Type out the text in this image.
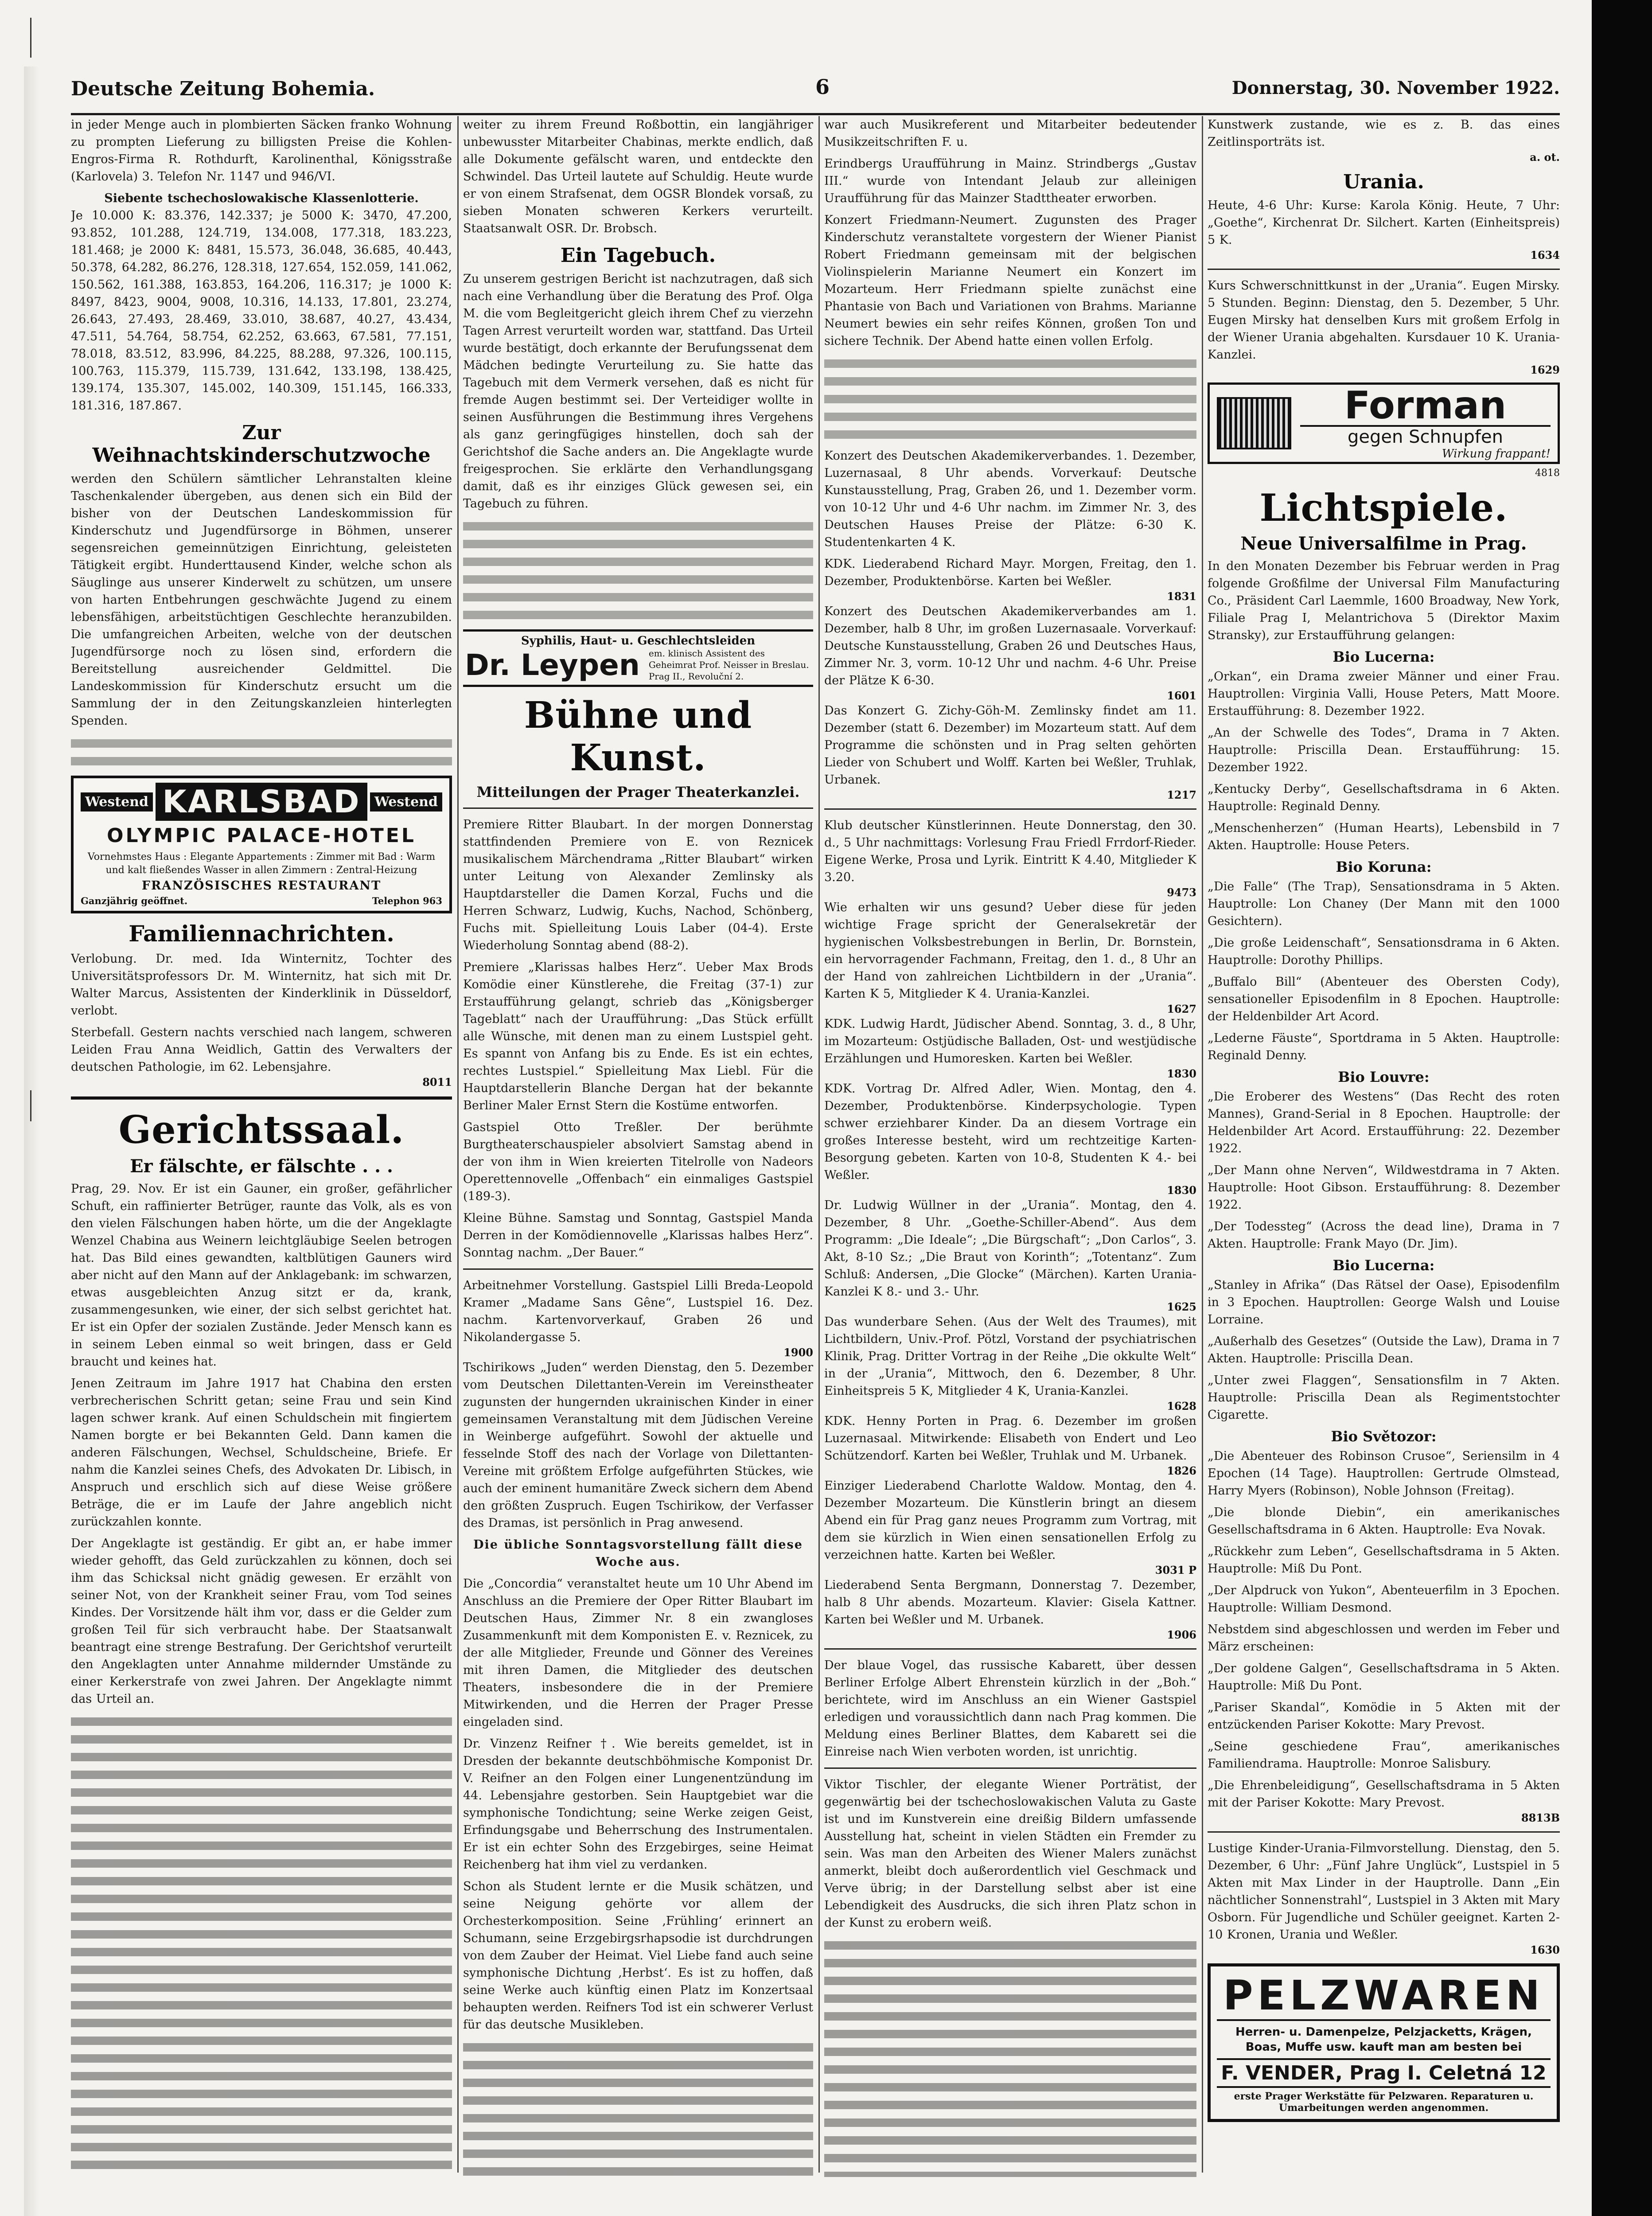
Deutsche Zeitung Bohemia.	6	Donnerstag, 30. November 1922.

in jeder Menge auch in plombierten Säcken franko Wohnung zu prompten Lieferung zu billigsten Preise die Kohlen-Engros-Firma R. Rothdurft, Karolinenthal, Königsstraße (Karlovela) 3. Telefon Nr. 1147 und 946/VI.

Siebente tschechoslowakische Klassenlotterie.

Je 10.000 K: 83.376, 142.337; je 5000 K: 3470, 47.200, 93.852, 101.288, 124.719, 134.008, 177.318, 183.223, 181.468; je 2000 K: 8481, 15.573, 36.048, 36.685, 40.443, 50.378, 64.282, 86.276, 128.318, 127.654, 152.059, 141.062, 150.562, 161.388, 163.853, 164.206, 116.317; je 1000 K: 8497, 8423, 9004, 9008, 10.316, 14.133, 17.801, 23.274, 26.643, 27.493, 28.469, 33.010, 38.687, 40.27, 43.434, 47.511, 54.764, 58.754, 62.252, 63.663, 67.581, 77.151, 78.018, 83.512, 83.996, 84.225, 88.288, 97.326, 100.115, 100.763, 115.379, 115.739, 131.642, 133.198, 138.425, 139.174, 135.307, 145.002, 140.309, 151.145, 166.333, 181.316, 187.867.

Zur Weihnachtskinderschutzwoche

werden den Schülern sämtlicher Lehranstalten kleine Taschenkalender übergeben, aus denen sich ein Bild der bisher von der Deutschen Landeskommission für Kinderschutz und Jugendfürsorge in Böhmen, unserer segensreichen gemeinnützigen Einrichtung, geleisteten Tätigkeit ergibt. Hunderttausend Kinder, welche schon als Säuglinge aus unserer Kinderwelt zu schützen, um unsere von harten Entbehrungen geschwächte Jugend zu einem lebensfähigen, arbeitstüchtigen Geschlechte heranzubilden. Die umfangreichen Arbeiten, welche von der deutschen Jugendfürsorge noch zu lösen sind, erfordern die Bereitstellung ausreichender Geldmittel. Die Landeskommission für Kinderschutz ersucht um die Sammlung der in den Zeitungskanzleien hinterlegten Spenden.

Westend KARLSBAD	Westend
OLYMPIC PALACE-HOTEL
Vornehmstes Haus : Elegante Appartements : Zimmer mit Bad : Warm und kalt fließendes Wasser in allen Zimmern : Zentral-Heizung
FRANZÖSISCHES RESTAURANT
Ganzjährig geöffnet.	Telephon 963
Familiennachrichten.

Verlobung. Dr. med. Ida Winternitz, Tochter des Universitätsprofessors Dr. M. Winternitz, hat sich mit Dr. Walter Marcus, Assistenten der Kinderklinik in Düsseldorf, verlobt.

Sterbefall. Gestern nachts verschied nach langem, schweren Leiden Frau Anna Weidlich, Gattin des Verwalters der deutschen Pathologie, im 62. Lebensjahre.

8011
Gerichtssaal.
Er fälschte, er fälschte . . .

Prag, 29. Nov. Er ist ein Gauner, ein großer, gefährlicher Schuft, ein raffinierter Betrüger, raunte das Volk, als es von den vielen Fälschungen haben hörte, um die der Angeklagte Wenzel Chabina aus Weinern leichtgläubige Seelen betrogen hat. Das Bild eines gewandten, kaltblütigen Gauners wird aber nicht auf den Mann auf der Anklagebank: im schwarzen, etwas ausgebleichten Anzug sitzt er da, krank, zusammengesunken, wie einer, der sich selbst gerichtet hat. Er ist ein Opfer der sozialen Zustände. Jeder Mensch kann es in seinem Leben einmal so weit bringen, dass er Geld braucht und keines hat.

Jenen Zeitraum im Jahre 1917 hat Chabina den ersten verbrecherischen Schritt getan; seine Frau und sein Kind lagen schwer krank. Auf einen Schuldschein mit fingiertem Namen borgte er bei Bekannten Geld. Dann kamen die anderen Fälschungen, Wechsel, Schuldscheine, Briefe. Er nahm die Kanzlei seines Chefs, des Advokaten Dr. Libisch, in Anspruch und erschlich sich auf diese Weise größere Beträge, die er im Laufe der Jahre angeblich nicht zurückzahlen konnte.

Der Angeklagte ist geständig. Er gibt an, er habe immer wieder gehofft, das Geld zurückzahlen zu können, doch sei ihm das Schicksal nicht gnädig gewesen. Er erzählt von seiner Not, von der Krankheit seiner Frau, vom Tod seines Kindes. Der Vorsitzende hält ihm vor, dass er die Gelder zum großen Teil für sich verbraucht habe. Der Staatsanwalt beantragt eine strenge Bestrafung. Der Gerichtshof verurteilt den Angeklagten unter Annahme mildernder Umstände zu einer Kerkerstrafe von zwei Jahren. Der Angeklagte nimmt das Urteil an.

weiter zu ihrem Freund Roßbottin, ein langjähriger unbewusster Mitarbeiter Chabinas, merkte endlich, daß alle Dokumente gefälscht waren, und entdeckte den Schwindel. Das Urteil lautete auf Schuldig. Heute wurde er von einem Strafsenat, dem OGSR Blondek vorsaß, zu sieben Monaten schweren Kerkers verurteilt. Staatsanwalt OSR. Dr. Brobsch.

Ein Tagebuch.

Zu unserem gestrigen Bericht ist nachzutragen, daß sich nach eine Verhandlung über die Beratung des Prof. Olga M. die vom Begleitgericht gleich ihrem Chef zu vierzehn Tagen Arrest verurteilt worden war, stattfand. Das Urteil wurde bestätigt, doch erkannte der Berufungssenat dem Mädchen bedingte Verurteilung zu. Sie hatte das Tagebuch mit dem Vermerk versehen, daß es nicht für fremde Augen bestimmt sei. Der Verteidiger wollte in seinen Ausführungen die Bestimmung ihres Vergehens als ganz geringfügiges hinstellen, doch sah der Gerichtshof die Sache anders an. Die Angeklagte wurde freigesprochen. Sie erklärte den Verhandlungsgang damit, daß es ihr einziges Glück gewesen sei, ein Tagebuch zu führen.

Syphilis, Haut- u. Geschlechtsleiden
Dr. Leypen em. klinisch Assistent des Geheimrat Prof. Neisser in Breslau. Prag II., Revoluční 2.
Bühne und Kunst.
Mitteilungen der Prager Theaterkanzlei.

Premiere Ritter Blaubart. In der morgen Donnerstag stattfindenden Premiere von E. von Reznicek musikalischem Märchendrama „Ritter Blaubart“ wirken unter Leitung von Alexander Zemlinsky als Hauptdarsteller die Damen Korzal, Fuchs und die Herren Schwarz, Ludwig, Kuchs, Nachod, Schönberg, Fuchs mit. Spielleitung Louis Laber (04-4). Erste Wiederholung Sonntag abend (88-2).

Premiere „Klarissas halbes Herz“. Ueber Max Brods Komödie einer Künstlerehe, die Freitag (37-1) zur Erstaufführung gelangt, schrieb das „Königsberger Tageblatt“ nach der Uraufführung: „Das Stück erfüllt alle Wünsche, mit denen man zu einem Lustspiel geht. Es spannt von Anfang bis zu Ende. Es ist ein echtes, rechtes Lustspiel.“ Spielleitung Max Liebl. Für die Hauptdarstellerin Blanche Dergan hat der bekannte Berliner Maler Ernst Stern die Kostüme entworfen.

Gastspiel Otto Treßler. Der berühmte Burgtheaterschauspieler absolviert Samstag abend in der von ihm in Wien kreierten Titelrolle von Nadeors Operettennovelle „Offenbach“ ein einmaliges Gastspiel (189-3).

Kleine Bühne. Samstag und Sonntag, Gastspiel Manda Derren in der Komödiennovelle „Klarissas halbes Herz“. Sonntag nachm. „Der Bauer.“

Arbeitnehmer Vorstellung. Gastspiel Lilli Breda-Leopold Kramer „Madame Sans Gêne“, Lustspiel 16. Dez. nachm. Kartenvorverkauf, Graben 26 und Nikolandergasse 5.

1900

Tschirikows „Juden“ werden Dienstag, den 5. Dezember vom Deutschen Dilettanten-Verein im Vereinstheater zugunsten der hungernden ukrainischen Kinder in einer gemeinsamen Veranstaltung mit dem Jüdischen Vereine in Weinberge aufgeführt. Sowohl der aktuelle und fesselnde Stoff des nach der Vorlage von Dilettanten-Vereine mit größtem Erfolge aufgeführten Stückes, wie auch der eminent humanitäre Zweck sichern dem Abend den größten Zuspruch. Eugen Tschirikow, der Verfasser des Dramas, ist persönlich in Prag anwesend.

Die übliche Sonntagsvorstellung fällt diese Woche aus.

Die „Concordia“ veranstaltet heute um 10 Uhr Abend im Anschluss an die Premiere der Oper Ritter Blaubart im Deutschen Haus, Zimmer Nr. 8 ein zwangloses Zusammenkunft mit dem Komponisten E. v. Reznicek, zu der alle Mitglieder, Freunde und Gönner des Vereines mit ihren Damen, die Mitglieder des deutschen Theaters, insbesondere die in der Premiere Mitwirkenden, und die Herren der Prager Presse eingeladen sind.

Dr. Vinzenz Reifner †. Wie bereits gemeldet, ist in Dresden der bekannte deutschböhmische Komponist Dr. V. Reifner an den Folgen einer Lungenentzündung im 44. Lebensjahre gestorben. Sein Hauptgebiet war die symphonische Tondichtung; seine Werke zeigen Geist, Erfindungsgabe und Beherrschung des Instrumentalen. Er ist ein echter Sohn des Erzgebirges, seine Heimat Reichenberg hat ihm viel zu verdanken.

Schon als Student lernte er die Musik schätzen, und seine Neigung gehörte vor allem der Orchesterkomposition. Seine ‚Frühling‘ erinnert an Schumann, seine Erzgebirgsrhapsodie ist durchdrungen von dem Zauber der Heimat. Viel Liebe fand auch seine symphonische Dichtung ‚Herbst‘. Es ist zu hoffen, daß seine Werke auch künftig einen Platz im Konzertsaal behaupten werden. Reifners Tod ist ein schwerer Verlust für das deutsche Musikleben.

war auch Musikreferent und Mitarbeiter bedeutender Musikzeitschriften F. u.

Erindbergs Uraufführung in Mainz. Strindbergs „Gustav III.“ wurde von Intendant Jelaub zur alleinigen Uraufführung für das Mainzer Stadttheater erworben.

Konzert Friedmann-Neumert. Zugunsten des Prager Kinderschutz veranstaltete vorgestern der Wiener Pianist Robert Friedmann gemeinsam mit der belgischen Violinspielerin Marianne Neumert ein Konzert im Mozarteum. Herr Friedmann spielte zunächst eine Phantasie von Bach und Variationen von Brahms. Marianne Neumert bewies ein sehr reifes Können, großen Ton und sichere Technik. Der Abend hatte einen vollen Erfolg.

Konzert des Deutschen Akademikerverbandes. 1. Dezember, Luzernasaal, 8 Uhr abends. Vorverkauf: Deutsche Kunstausstellung, Prag, Graben 26, und 1. Dezember vorm. von 10-12 Uhr und 4-6 Uhr nachm. im Zimmer Nr. 3, des Deutschen Hauses Preise der Plätze: 6-30 K. Studentenkarten 4 K.

KDK. Liederabend Richard Mayr. Morgen, Freitag, den 1. Dezember, Produktenbörse. Karten bei Weßler.

1831

Konzert des Deutschen Akademikerverbandes am 1. Dezember, halb 8 Uhr, im großen Luzernasaale. Vorverkauf: Deutsche Kunstausstellung, Graben 26 und Deutsches Haus, Zimmer Nr. 3, vorm. 10-12 Uhr und nachm. 4-6 Uhr. Preise der Plätze K 6-30.

1601

Das Konzert G. Zichy-Göh-M. Zemlinsky findet am 11. Dezember (statt 6. Dezember) im Mozarteum statt. Auf dem Programme die schönsten und in Prag selten gehörten Lieder von Schubert und Wolff. Karten bei Weßler, Truhlak, Urbanek.

1217

Klub deutscher Künstlerinnen. Heute Donnerstag, den 30. d., 5 Uhr nachmittags: Vorlesung Frau Friedl Frrdorf-Rieder. Eigene Werke, Prosa und Lyrik. Eintritt K 4.40, Mitglieder K 3.20.

9473

Wie erhalten wir uns gesund? Ueber diese für jeden wichtige Frage spricht der Generalsekretär der hygienischen Volksbestrebungen in Berlin, Dr. Bornstein, ein hervorragender Fachmann, Freitag, den 1. d., 8 Uhr an der Hand von zahlreichen Lichtbildern in der „Urania“. Karten K 5, Mitglieder K 4. Urania-Kanzlei.

1627

KDK. Ludwig Hardt, Jüdischer Abend. Sonntag, 3. d., 8 Uhr, im Mozarteum: Ostjüdische Balladen, Ost- und westjüdische Erzählungen und Humoresken. Karten bei Weßler.

1830

KDK. Vortrag Dr. Alfred Adler, Wien. Montag, den 4. Dezember, Produktenbörse. Kinderpsychologie. Typen schwer erziehbarer Kinder. Da an diesem Vortrage ein großes Interesse besteht, wird um rechtzeitige Karten-Besorgung gebeten. Karten von 10-8, Studenten K 4.- bei Weßler.

1830

Dr. Ludwig Wüllner in der „Urania“. Montag, den 4. Dezember, 8 Uhr. „Goethe-Schiller-Abend“. Aus dem Programm: „Die Ideale“; „Die Bürgschaft“; „Don Carlos“, 3. Akt, 8-10 Sz.; „Die Braut von Korinth“; „Totentanz“. Zum Schluß: Andersen, „Die Glocke“ (Märchen). Karten Urania-Kanzlei K 8.- und 3.- Uhr.

1625

Das wunderbare Sehen. (Aus der Welt des Traumes), mit Lichtbildern, Univ.-Prof. Pötzl, Vorstand der psychiatrischen Klinik, Prag. Dritter Vortrag in der Reihe „Die okkulte Welt“ in der „Urania“, Mittwoch, den 6. Dezember, 8 Uhr. Einheitspreis 5 K, Mitglieder 4 K, Urania-Kanzlei.

1628

KDK. Henny Porten in Prag. 6. Dezember im großen Luzernasaal. Mitwirkende: Elisabeth von Endert und Leo Schützendorf. Karten bei Weßler, Truhlak und M. Urbanek.

1826

Einziger Liederabend Charlotte Waldow. Montag, den 4. Dezember Mozarteum. Die Künstlerin bringt an diesem Abend ein für Prag ganz neues Programm zum Vortrag, mit dem sie kürzlich in Wien einen sensationellen Erfolg zu verzeichnen hatte. Karten bei Weßler.

3031 P

Liederabend Senta Bergmann, Donnerstag 7. Dezember, halb 8 Uhr abends. Mozarteum. Klavier: Gisela Kattner. Karten bei Weßler und M. Urbanek.

1906

Der blaue Vogel, das russische Kabarett, über dessen Berliner Erfolge Albert Ehrenstein kürzlich in der „Boh.“ berichtete, wird im Anschluss an ein Wiener Gastspiel erledigen und voraussichtlich dann nach Prag kommen. Die Meldung eines Berliner Blattes, dem Kabarett sei die Einreise nach Wien verboten worden, ist unrichtig.

Viktor Tischler, der elegante Wiener Porträtist, der gegenwärtig bei der tschechoslowakischen Valuta zu Gaste ist und im Kunstverein eine dreißig Bildern umfassende Ausstellung hat, scheint in vielen Städten ein Fremder zu sein. Was man den Arbeiten des Wiener Malers zunächst anmerkt, bleibt doch außerordentlich viel Geschmack und Verve übrig; in der Darstellung selbst aber ist eine Lebendigkeit des Ausdrucks, die sich ihren Platz schon in der Kunst zu erobern weiß.

Kunstwerk zustande, wie es z. B. das eines Zeitlinsporträts ist.

a. ot.
Urania.

Heute, 4-6 Uhr: Kurse: Karola König. Heute, 7 Uhr: „Goethe“, Kirchenrat Dr. Silchert. Karten (Einheitspreis) 5 K.

1634

Kurs Schwerschnittkunst in der „Urania“. Eugen Mirsky. 5 Stunden. Beginn: Dienstag, den 5. Dezember, 5 Uhr. Eugen Mirsky hat denselben Kurs mit großem Erfolg in der Wiener Urania abgehalten. Kursdauer 10 K. Urania-Kanzlei.

1629
Forman
gegen Schnupfen
Wirkung frappant!
4818
Lichtspiele.
Neue Universalfilme in Prag.

In den Monaten Dezember bis Februar werden in Prag folgende Großfilme der Universal Film Manufacturing Co., Präsident Carl Laemmle, 1600 Broadway, New York, Filiale Prag I, Melantrichova 5 (Direktor Maxim Stransky), zur Erstaufführung gelangen:

Bio Lucerna:

„Orkan“, ein Drama zweier Männer und einer Frau. Hauptrollen: Virginia Valli, House Peters, Matt Moore. Erstaufführung: 8. Dezember 1922.

„An der Schwelle des Todes“, Drama in 7 Akten. Hauptrolle: Priscilla Dean. Erstaufführung: 15. Dezember 1922.

„Kentucky Derby“, Gesellschaftsdrama in 6 Akten. Hauptrolle: Reginald Denny.

„Menschenherzen“ (Human Hearts), Lebensbild in 7 Akten. Hauptrolle: House Peters.

Bio Koruna:

„Die Falle“ (The Trap), Sensationsdrama in 5 Akten. Hauptrolle: Lon Chaney (Der Mann mit den 1000 Gesichtern).

„Die große Leidenschaft“, Sensationsdrama in 6 Akten. Hauptrolle: Dorothy Phillips.

„Buffalo Bill“ (Abenteuer des Obersten Cody), sensationeller Episodenfilm in 8 Epochen. Hauptrolle: der Heldenbilder Art Acord.

„Lederne Fäuste“, Sportdrama in 5 Akten. Hauptrolle: Reginald Denny.

Bio Louvre:

„Die Eroberer des Westens“ (Das Recht des roten Mannes), Grand-Serial in 8 Epochen. Hauptrolle: der Heldenbilder Art Acord. Erstaufführung: 22. Dezember 1922.

„Der Mann ohne Nerven“, Wildwestdrama in 7 Akten. Hauptrolle: Hoot Gibson. Erstaufführung: 8. Dezember 1922.

„Der Todessteg“ (Across the dead line), Drama in 7 Akten. Hauptrolle: Frank Mayo (Dr. Jim).

Bio Lucerna:

„Stanley in Afrika“ (Das Rätsel der Oase), Episodenfilm in 3 Epochen. Hauptrollen: George Walsh und Louise Lorraine.

„Außerhalb des Gesetzes“ (Outside the Law), Drama in 7 Akten. Hauptrolle: Priscilla Dean.

„Unter zwei Flaggen“, Sensationsfilm in 7 Akten. Hauptrolle: Priscilla Dean als Regimentstochter Cigarette.

Bio Světozor:

„Die Abenteuer des Robinson Crusoe“, Seriensilm in 4 Epochen (14 Tage). Hauptrollen: Gertrude Olmstead, Harry Myers (Robinson), Noble Johnson (Freitag).

„Die blonde Diebin“, ein amerikanisches Gesellschaftsdrama in 6 Akten. Hauptrolle: Eva Novak.

„Rückkehr zum Leben“, Gesellschaftsdrama in 5 Akten. Hauptrolle: Miß Du Pont.

„Der Alpdruck von Yukon“, Abenteuerfilm in 3 Epochen. Hauptrolle: William Desmond.

Nebstdem sind abgeschlossen und werden im Feber und März erscheinen:

„Der goldene Galgen“, Gesellschaftsdrama in 5 Akten. Hauptrolle: Miß Du Pont.

„Pariser Skandal“, Komödie in 5 Akten mit der entzückenden Pariser Kokotte: Mary Prevost.

„Seine geschiedene Frau“, amerikanisches Familiendrama. Hauptrolle: Monroe Salisbury.

„Die Ehrenbeleidigung“, Gesellschaftsdrama in 5 Akten mit der Pariser Kokotte: Mary Prevost.

8813B

Lustige Kinder-Urania-Filmvorstellung. Dienstag, den 5. Dezember, 6 Uhr: „Fünf Jahre Unglück“, Lustspiel in 5 Akten mit Max Linder in der Hauptrolle. Dann „Ein nächtlicher Sonnenstrahl“, Lustspiel in 3 Akten mit Mary Osborn. Für Jugendliche und Schüler geeignet. Karten 2-10 Kronen, Urania und Weßler.

1630
PELZWAREN
Herren- u. Damenpelze, Pelzjacketts, Krägen, Boas, Muffe usw. kauft man am besten bei
F. VENDER, Prag I. Celetná 12
erste Prager Werkstätte für Pelzwaren. Reparaturen u. Umarbeitungen werden angenommen.
